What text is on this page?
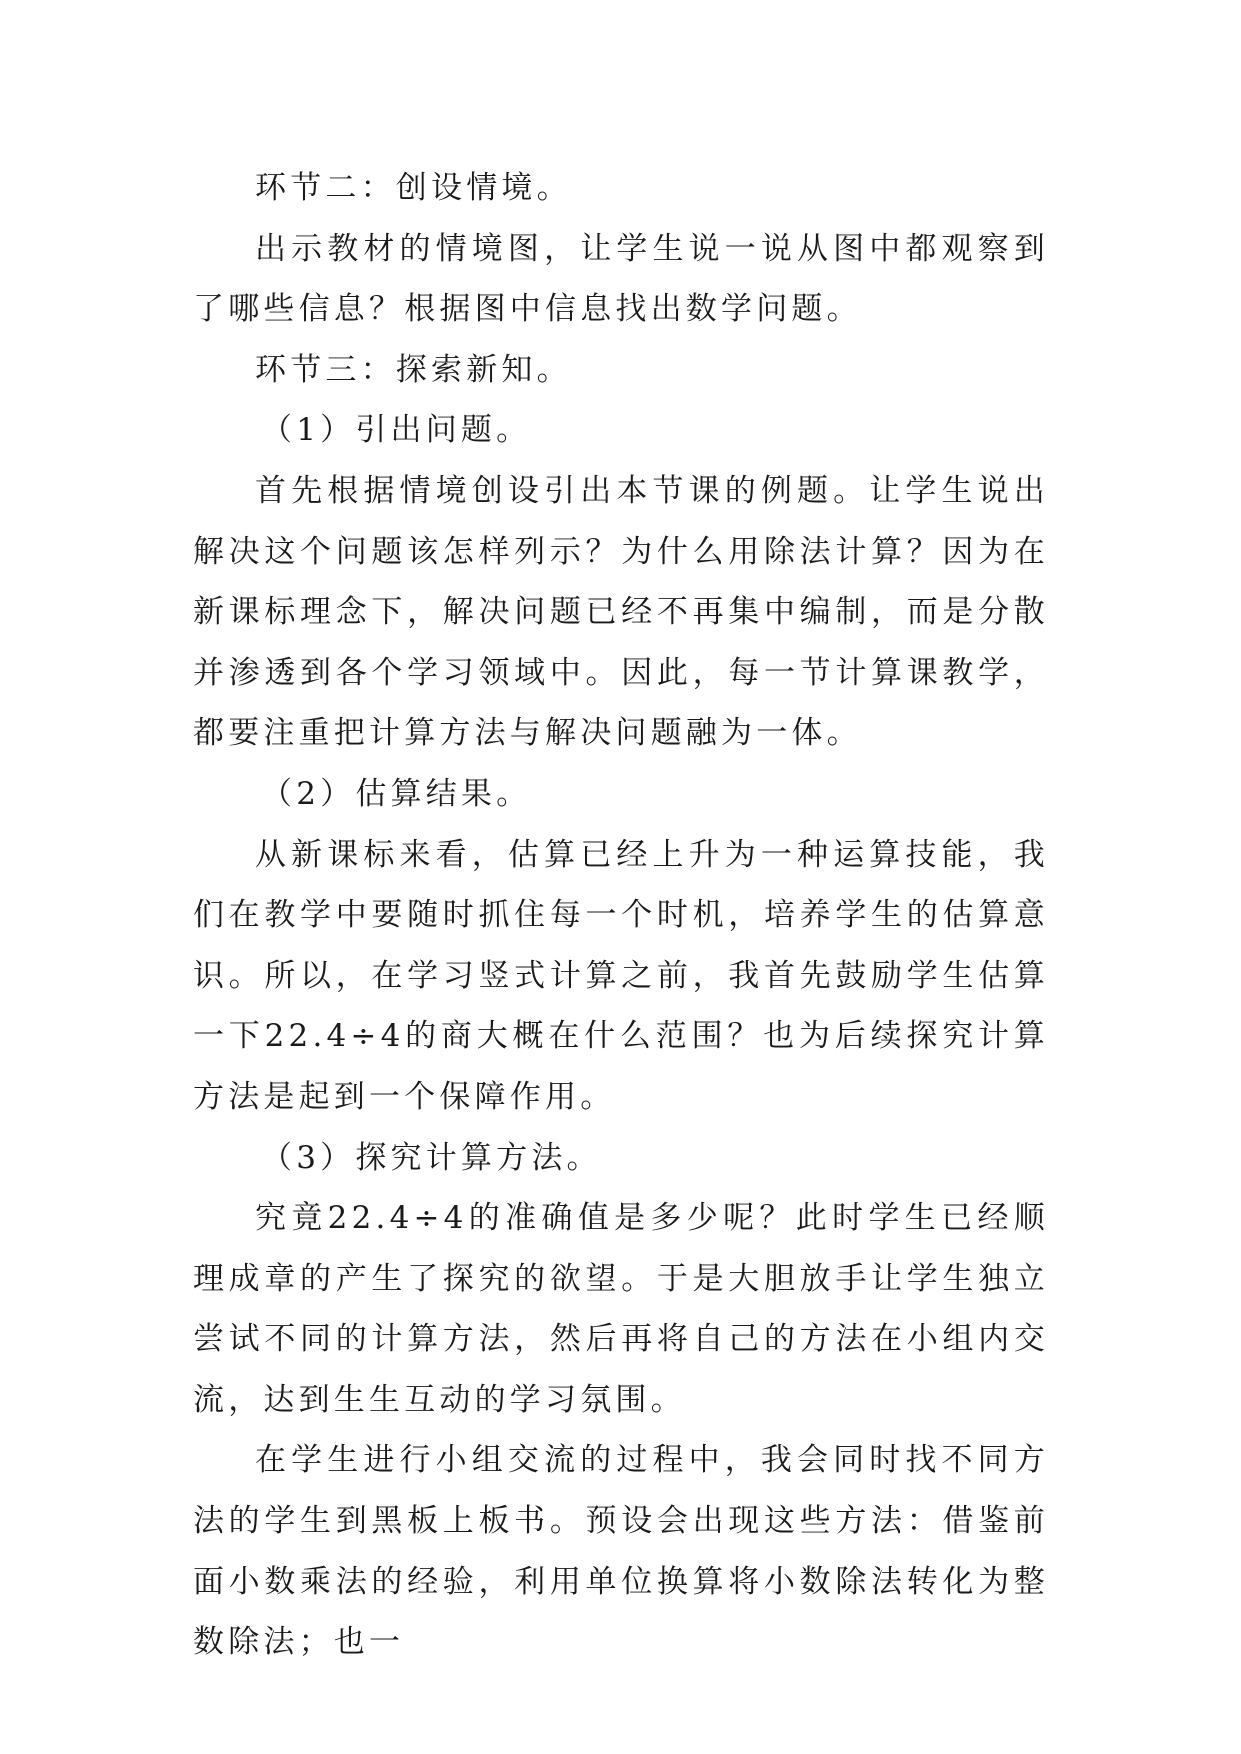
环节二：创设情境。

出示教材的情境图，让学生说一说从图中都观察到了哪些信息？根据图中信息找出数学问题。

环节三：探索新知。

（1）引出问题。

首先根据情境创设引出本节课的例题。让学生说出解决这个问题该怎样列示？为什么用除法计算？因为在新课标理念下，解决问题已经不再集中编制，而是分散并渗透到各个学习领域中。因此，每一节计算课教学，都要注重把计算方法与解决问题融为一体。

（2）估算结果。

从新课标来看，估算已经上升为一种运算技能，我们在教学中要随时抓住每一个时机，培养学生的估算意识。所以，在学习竖式计算之前，我首先鼓励学生估算一下22.4÷4的商大概在什么范围？也为后续探究计算方法是起到一个保障作用。

（3）探究计算方法。

究竟22.4÷4的准确值是多少呢？此时学生已经顺理成章的产生了探究的欲望。于是大胆放手让学生独立尝试不同的计算方法，然后再将自己的方法在小组内交流，达到生生互动的学习氛围。

在学生进行小组交流的过程中，我会同时找不同方法的学生到黑板上板书。预设会出现这些方法：借鉴前面小数乘法的经验，利用单位换算将小数除法转化为整数除法；也一
